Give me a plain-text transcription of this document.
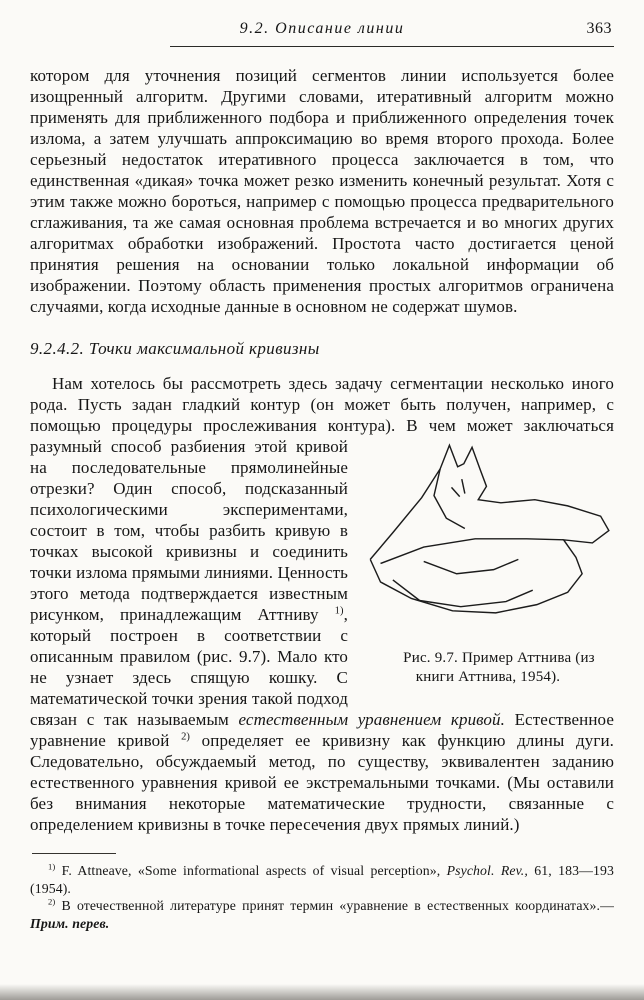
9.2. Описание линии	363

котором для уточнения позиций сегментов линии используется более изощренный алгоритм. Другими словами, итеративный алгоритм можно применять для приближенного подбора и приближенного определения точек излома, а затем улучшать аппроксимацию во время второго прохода. Более серьезный недостаток итеративного процесса заключается в том, что единственная «дикая» точка может резко изменить конечный результат. Хотя с этим также можно бороться, например с помощью процесса предварительного сглаживания, та же самая основная проблема встречается и во многих других алгоритмах обработки изображений. Простота часто достигается ценой принятия решения на основании только локальной информации об изображении. Поэтому область применения простых алгоритмов ограничена случаями, когда исходные данные в основном не содержат шумов.

9.2.4.2. Точки максимальной кривизны

Нам хотелось бы рассмотреть здесь задачу сегментации несколько иного рода. Пусть задан гладкий контур (он может быть получен, например, с помощью процедуры прослеживания контура). В чем может заключаться разумный способ разбиения этой
Рис. 9.7. Пример Аттнива (из книги Аттнива, 1954).
кривой на последовательные прямолинейные отрезки? Один способ, подсказанный психологическими экспериментами, состоит в том, чтобы разбить кривую в точках высокой кривизны и соединить точки излома прямыми линиями. Ценность этого метода подтверждается известным рисунком, принадлежащим Аттниву $^{1)}$, который построен в соответствии с описанным правилом (рис. 9.7). Мало кто не узнает здесь спящую кошку. С математической точки зрения такой подход связан с так называемым естественным уравнением кривой. Естественное уравнение кривой $^{2)}$ определяет ее кривизну как функцию длины дуги. Следовательно, обсуждаемый метод, по существу, эквивалентен заданию естественного уравнения кривой ее экстремальными точками. (Мы оставили без внимания некоторые математические трудности, связанные с определением кривизны в точке пересечения двух прямых линий.)

$^{1)}$ F. Attneave, «Some informational aspects of visual perception», Psychol. Rev., 61, 183—193 (1954).

$^{2)}$ В отечественной литературе принят термин «уравнение в естественных координатах».— Прим. перев.
